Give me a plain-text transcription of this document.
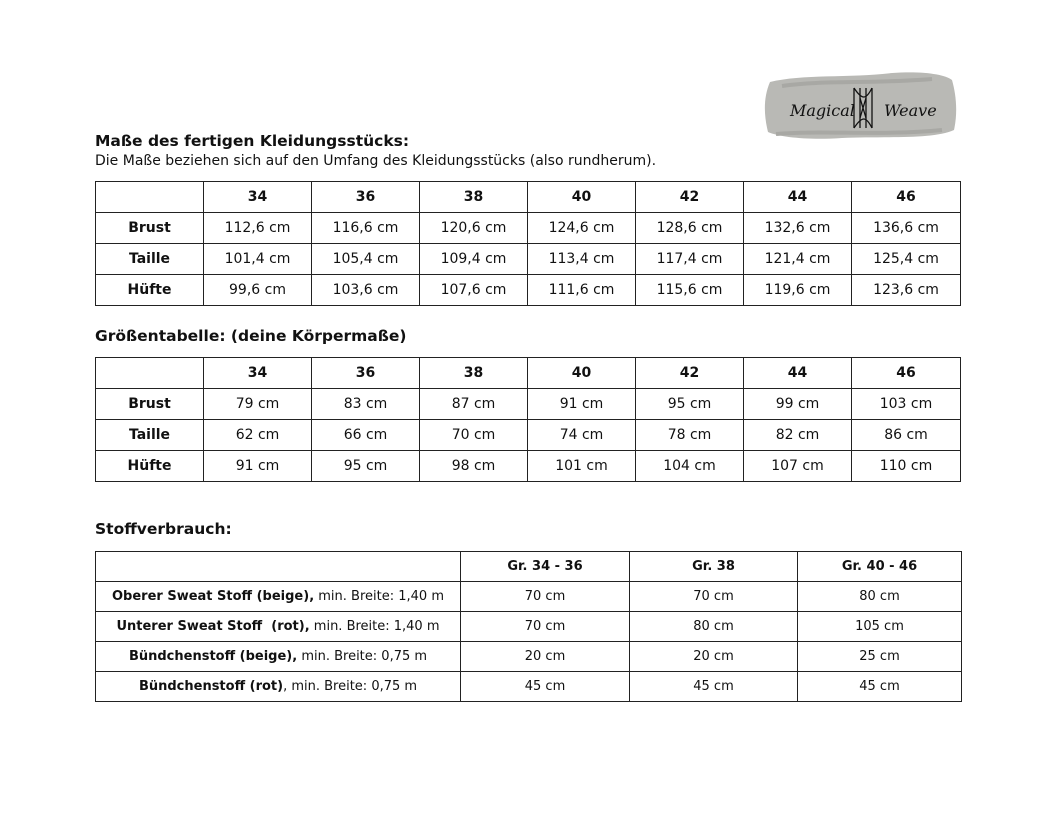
Magical Weave
Maße des fertigen Kleidungsstücks:

Die Maße beziehen sich auf den Umfang des Kleidungsstücks (also rundherum).

	34	36	38	40	42	44	46
Brust	112,6 cm	116,6 cm	120,6 cm	124,6 cm	128,6 cm	132,6 cm	136,6 cm
Taille	101,4 cm	105,4 cm	109,4 cm	113,4 cm	117,4 cm	121,4 cm	125,4 cm
Hüfte	99,6 cm	103,6 cm	107,6 cm	111,6 cm	115,6 cm	119,6 cm	123,6 cm
Größentabelle: (deine Körpermaße)
	34	36	38	40	42	44	46
Brust	79 cm	83 cm	87 cm	91 cm	95 cm	99 cm	103 cm
Taille	62 cm	66 cm	70 cm	74 cm	78 cm	82 cm	86 cm
Hüfte	91 cm	95 cm	98 cm	101 cm	104 cm	107 cm	110 cm
Stoffverbrauch:
	Gr. 34 - 36	Gr. 38	Gr. 40 - 46
Oberer Sweat Stoff (beige), min. Breite: 1,40 m	70 cm	70 cm	80 cm
Unterer Sweat Stoff  (rot), min. Breite: 1,40 m	70 cm	80 cm	105 cm
Bündchenstoff (beige), min. Breite: 0,75 m	20 cm	20 cm	25 cm
Bündchenstoff (rot), min. Breite: 0,75 m	45 cm	45 cm	45 cm
